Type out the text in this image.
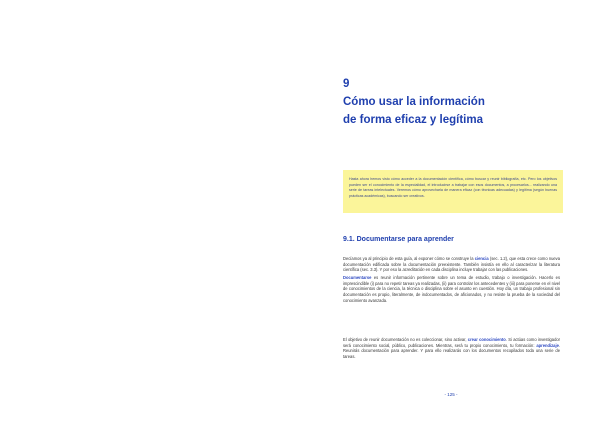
9
Cómo usar la información
de forma eficaz y legítima
Hasta ahora hemos visto cómo acceder a la documentación científica, cómo buscar y reunir bibliografía, etc. Pero los objetivos pueden ser el conocimiento de la especialidad, el introducirse a trabajar con esos documentos, a procesarlos... realizando una serie de tareas intelectuales. Veremos cómo aprovecharla de manera eficaz (con técnicas adecuadas) y legítima (según buenas prácticas académicas), buscando ser creativos.
9.1. Documentarse para aprender
Decíamos ya al principio de esta guía, al exponer cómo se construye la ciencia (sec. 1.2), que esta crece como nueva documentación edificada sobre la documentación preexistente. También insistía en ello al caracterizar la literatura científica (sec. 3.3). Y por eso la acreditación en cada disciplina incluye trabajar con las publicaciones.
Documentarse es reunir información pertinente sobre un tema de estudio, trabajo o investigación. Hacerlo es imprescindible (i) para no repetir tareas ya realizadas, (ii) para controlar los antecedentes y (iii) para ponerse en el nivel de conocimientos de la ciencia, la técnica o disciplina sobre el asunto en cuestión. Hoy día, un trabajo profesional sin documentación es propio, literalmente, de indocumentados, de aficionados, y no resiste la prueba de la sociedad del conocimiento avanzada.
El objetivo de reunir documentación no es coleccionar, sino activar, crear conocimiento. Si actúas como investigador será conocimiento social, público, publicaciones. Mientras, será tu propio conocimiento, tu formación: aprendizaje. Reunirás documentación para aprender. Y para ello realizarás con los documentos recopilados toda una serie de tareas.
- 125 -
